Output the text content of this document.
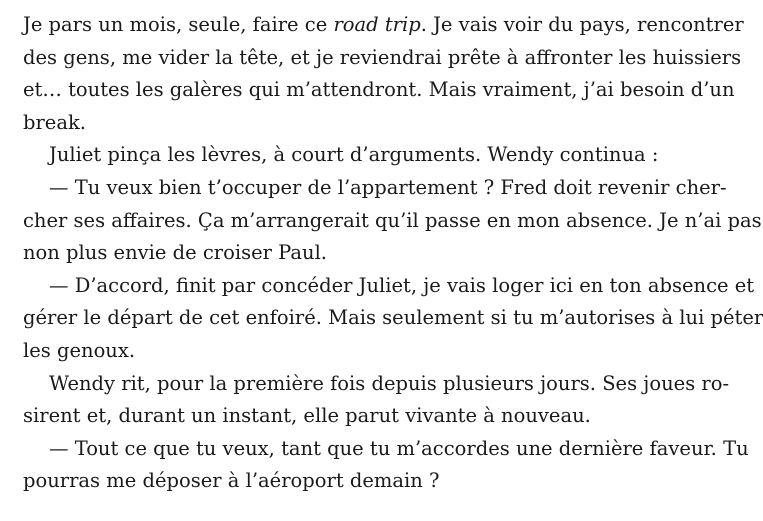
Je pars un mois, seule, faire ce road trip. Je vais voir du pays, rencontrer
des gens, me vider la tête, et je reviendrai prête à affronter les huissiers
et… toutes les galères qui m’attendront. Mais vraiment, j’ai besoin d’un
break.
Juliet pinça les lèvres, à court d’arguments. Wendy continua :
— Tu veux bien t’occuper de l’appartement ? Fred doit revenir cher-
cher ses affaires. Ça m’arrangerait qu’il passe en mon absence. Je n’ai pas
non plus envie de croiser Paul.
— D’accord, finit par concéder Juliet, je vais loger ici en ton absence et
gérer le départ de cet enfoiré. Mais seulement si tu m’autorises à lui péter
les genoux.
Wendy rit, pour la première fois depuis plusieurs jours. Ses joues ro-
sirent et, durant un instant, elle parut vivante à nouveau.
— Tout ce que tu veux, tant que tu m’accordes une dernière faveur. Tu
pourras me déposer à l’aéroport demain ?
